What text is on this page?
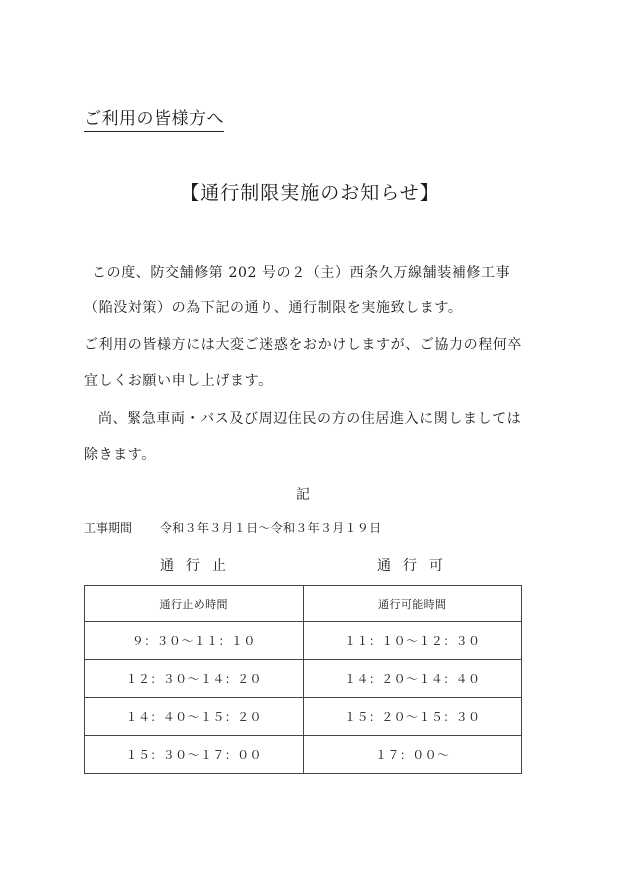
ご利用の皆様方へ
【通行制限実施のお知らせ】
この度、防交舗修第 202 号の２（主）西条久万線舗装補修工事
（陥没対策）の為下記の通り、通行制限を実施致します。
ご利用の皆様方には大変ご迷惑をおかけしますが、ご協力の程何卒
宜しくお願い申し上げます。
尚、緊急車両・バス及び周辺住民の方の住居進入に関しましては
除きます。
記
工事期間 令和３年３月１日～令和３年３月１９日
通行止	通行可
通行止め時間	通行可能時間
９：３０～１１：１０	１１：１０～１２：３０
１２：３０～１４：２０	１４：２０～１４：４０
１４：４０～１５：２０	１５：２０～１５：３０
１５：３０～１７：００	１７：００～
